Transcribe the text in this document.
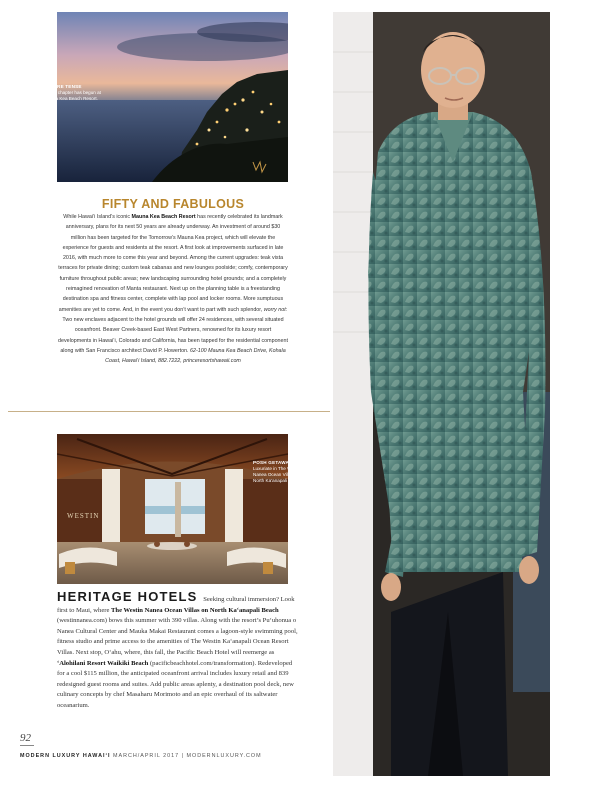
FUTURE TENSE
A new chapter has begun at Mauna Kea Beach Resort.
FIFTY AND FABULOUS
While Hawai‘i Island’s iconic Mauna Kea Beach Resort has recently celebrated its landmark anniversary, plans for its next 50 years are already underway. An investment of around $30 million has been targeted for the Tomorrow’s Mauna Kea project, which will elevate the experience for guests and residents at the resort. A first look at improvements surfaced in late 2016, with much more to come this year and beyond. Among the current upgrades: teak vista terraces for private dining; custom teak cabanas and new lounges poolside; comfy, contemporary furniture throughout public areas; new landscaping surrounding hotel grounds; and a completely reimagined renovation of Manta restaurant. Next up on the planning table is a freestanding destination spa and fitness center, complete with lap pool and locker rooms. More sumptuous amenities are yet to come. And, in the event you don’t want to part with such splendor, worry not: Two new enclaves adjacent to the hotel grounds will offer 24 residences, with several situated oceanfront. Beaver Creek-based East West Partners, renowned for its luxury resort developments in Hawai‘i, Colorado and California, has been tapped for the residential component along with San Francisco architect David P. Howerton. 62-100 Mauna Kea Beach Drive, Kohala Coast, Hawai‘i Island, 882.7222, princeresortshawaii.com
WESTIN
POSH GETAWAY
Luxuriate in The Westin Nanea Ocean Villas on North Ka‘anapali Beach.
HERITAGE HOTELS Seeking cultural immersion? Look first to Maui, where The Westin Nanea Ocean Villas on North Ka‘anapali Beach (westinnanea.com) bows this summer with 390 villas. Along with the resort’s Pu‘uhonua o Nanea Cultural Center and Mauka Makai Restaurant comes a lagoon-style swimming pool, fitness studio and prime access to the amenities of The Westin Ka‘anapali Ocean Resort Villas. Next stop, O‘ahu, where, this fall, the Pacific Beach Hotel will reemerge as ‘Alohilani Resort Waikiki Beach (pacificbeachhotel.com/transformation). Redeveloped for a cool $115 million, the anticipated oceanfront arrival includes luxury retail and 839 redesigned guest rooms and suites. Add public areas aplenty, a destination pool deck, new culinary concepts by chef Masaharu Morimoto and an epic overhaul of its saltwater oceanarium.
92
MODERN LUXURY HAWAI‘I MARCH/APRIL 2017 | MODERNLUXURY.COM
